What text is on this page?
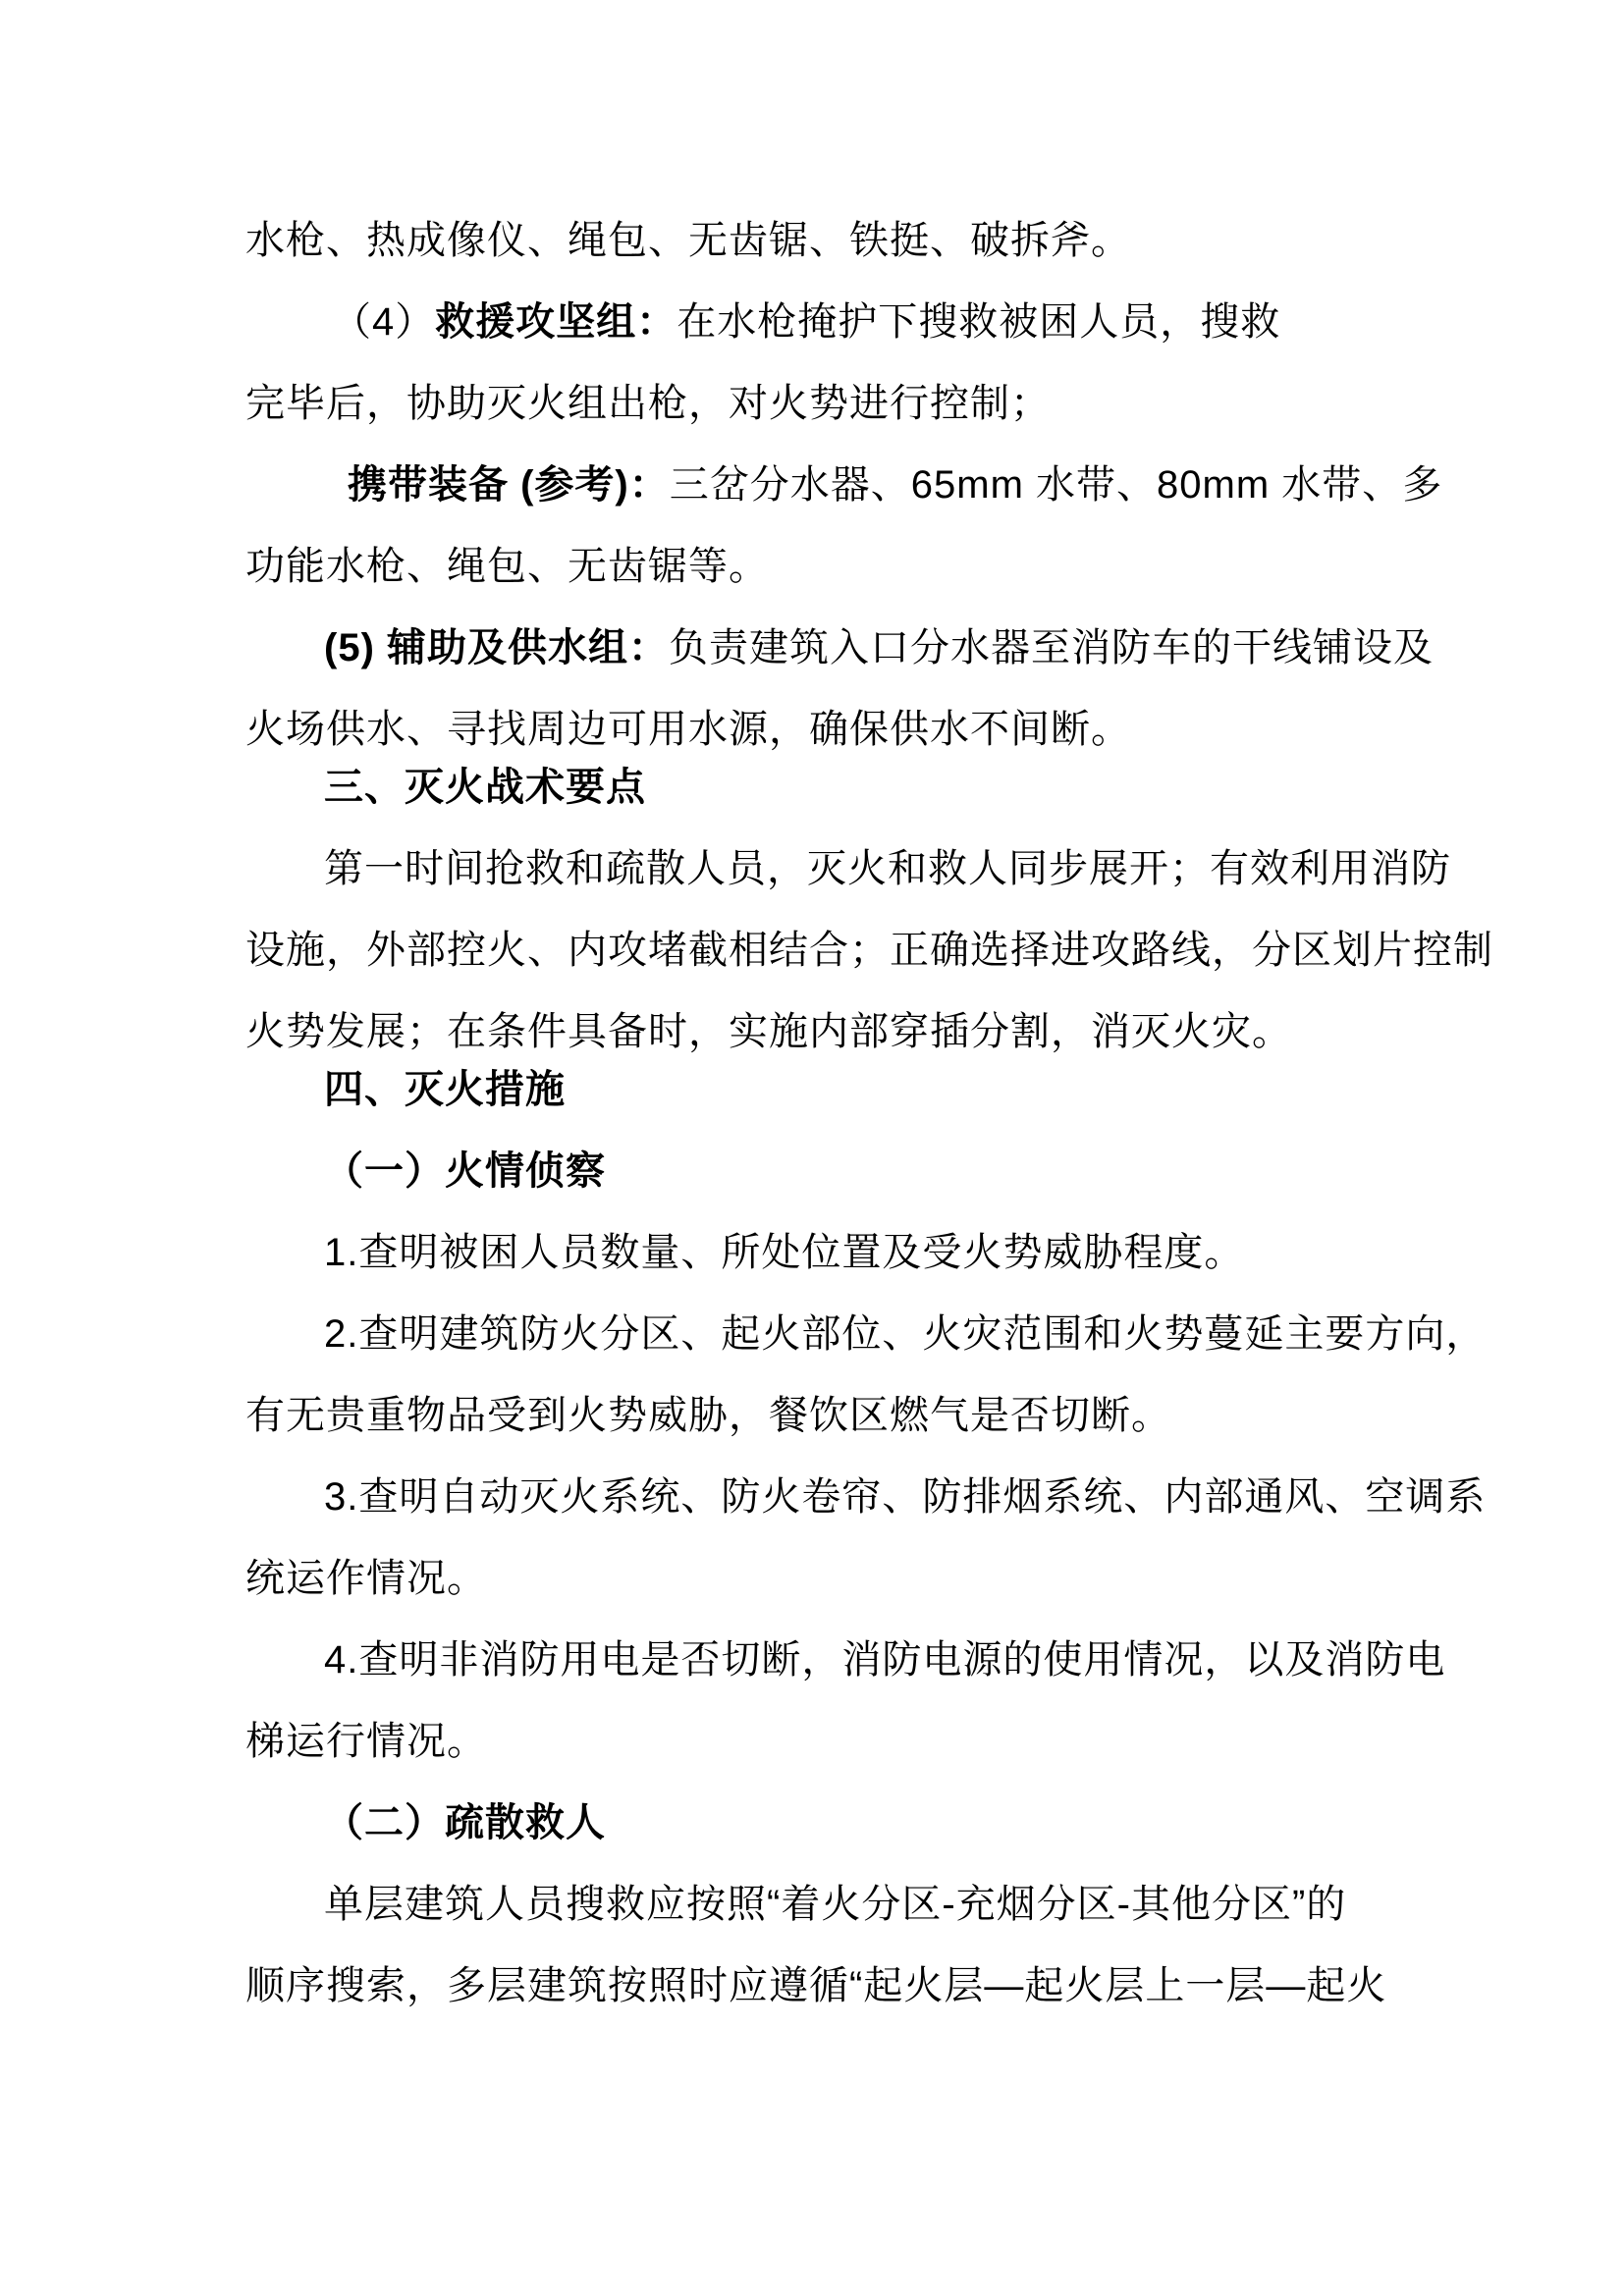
水枪、热成像仪、绳包、无齿锯、铁挺、破拆斧。
（4） 救援攻坚组： 在水枪掩护下搜救被困人员，搜救
完毕后，协助灭火组出枪，对火势进行控制；
携带装备 (参考)： 三岔分水器、65mm 水带、80mm 水带、多
功能水枪、绳包、无齿锯等。
(5) 辅助及供水组： 负责建筑入口分水器至消防车的干线铺设及
火场供水、寻找周边可用水源，确保供水不间断。
三、灭火战术要点
第一时间抢救和疏散人员，灭火和救人同步展开；有效利用消防
设施，外部控火、内攻堵截相结合；正确选择进攻路线，分区划片控制
火势发展；在条件具备时，实施内部穿插分割，消灭火灾。
四、灭火措施
（一）火情侦察
1.查明被困人员数量、所处位置及受火势威胁程度。
2.查明建筑防火分区、起火部位、火灾范围和火势蔓延主要方向，
有无贵重物品受到火势威胁，餐饮区燃气是否切断。
3.查明自动灭火系统、防火卷帘、防排烟系统、内部通风、空调系
统运作情况。
4.查明非消防用电是否切断，消防电源的使用情况，以及消防电
梯运行情况。
（二）疏散救人
单层建筑人员搜救应按照“着火分区-充烟分区-其他分区”的
顺序搜索，多层建筑按照时应遵循“起火层—起火层上一层—起火
